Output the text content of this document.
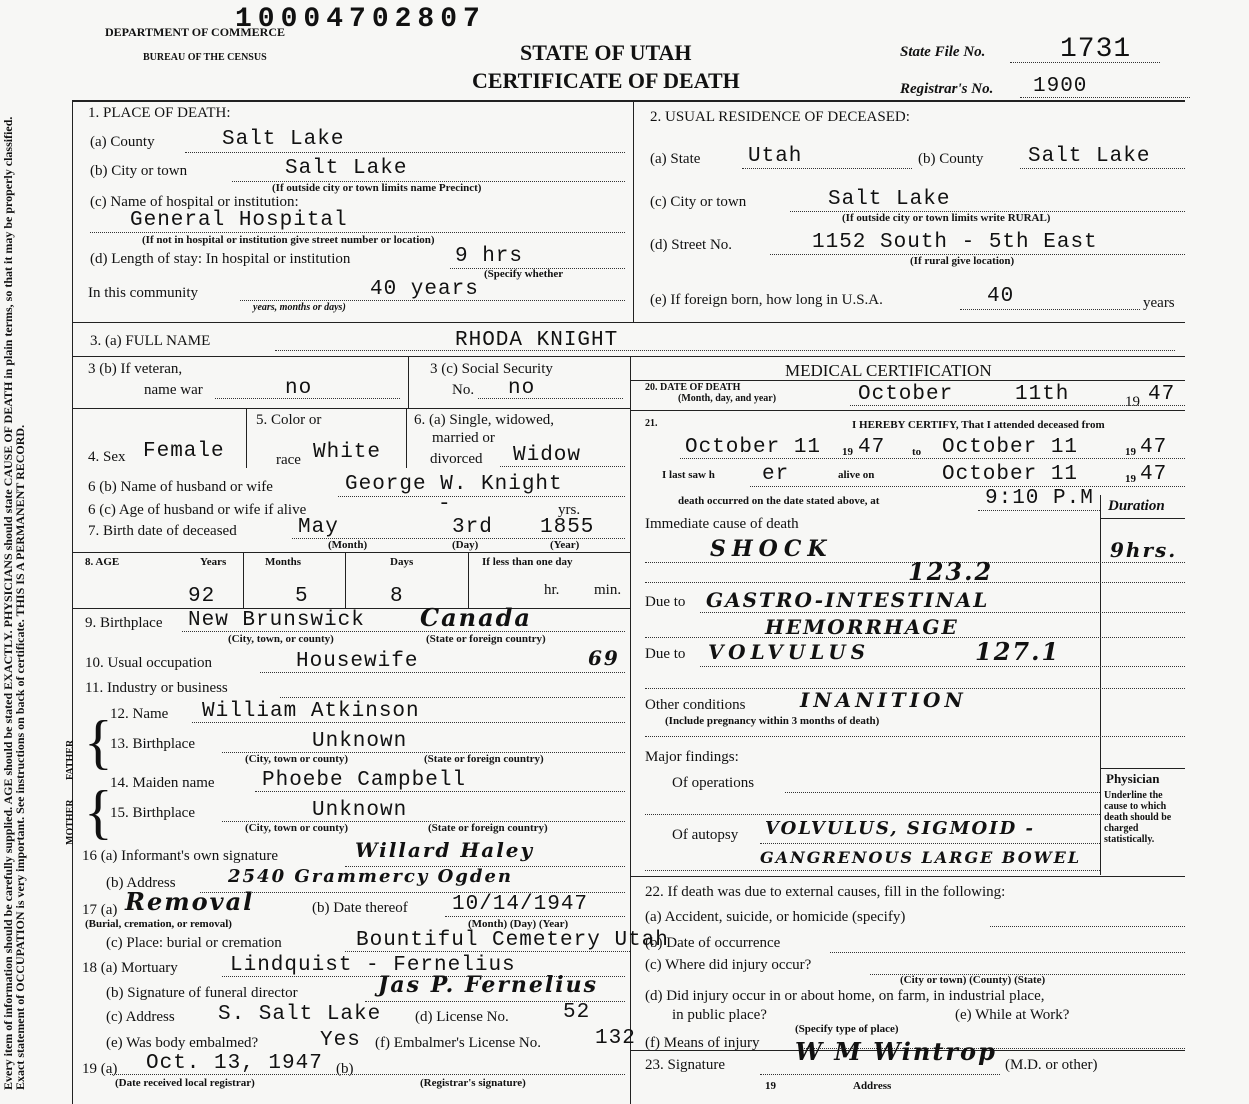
Every item of information should be carefully supplied. AGE should be stated EXACTLY. PHYSICIANS should state CAUSE OF DEATH in plain terms, so that it may be properly classified. Exact statement of OCCUPATION is very important. See instructions on back of certificate. THIS IS A PERMANENT RECORD.
10004702807
DEPARTMENT OF COMMERCE
BUREAU OF THE CENSUS	STATE OF UTAH
CERTIFICATE OF DEATH
State File No.	1731
Registrar's No. 1900
1. PLACE OF DEATH:
(a) County	Salt Lake
(b) City or town	Salt Lake
(If outside city or town limits name Precinct)
(c) Name of hospital or institution:
General Hospital
(If not in hospital or institution give street number or location)
(d) Length of stay: In hospital or institution	9 hrs
(Specify whether
In this community	40 years
years, months or days)
2. USUAL RESIDENCE OF DECEASED:
(a) State Utah	(b) County Salt Lake
(c) City or town	Salt Lake
(If outside city or town limits write RURAL)
(d) Street No.	1152 South - 5th East
(If rural give location)
(e) If foreign born, how long in U.S.A.	40	years
3. (a) FULL NAME	RHODA KNIGHT
3 (b) If veteran,
name war	no
3 (c) Social Security
No. no
5. Color or	6. (a) Single, widowed,
married or
4. Sex Female	race White	divorced Widow
6 (b) Name of husband or wife	George W. Knight
6 (c) Age of husband or wife if alive	-	yrs.
7. Birth date of deceased	May	3rd 1855
(Month)	(Day)	(Year)
8. AGE	Years	Months	Days	If less than one day
92	5	8	hr. min.
9. Birthplace New Brunswick Canada
(City, town, or county)	(State or foreign country)
10. Usual occupation	Housewife	69
11. Industry or business
MOTHER
FATHER {
{
12. Name William Atkinson
13. Birthplace	Unknown
(City, town or county)	(State or foreign country)
14. Maiden name Phoebe Campbell
15. Birthplace	Unknown
(City, town or county)	(State or foreign country)
16 (a) Informant's own signature	Willard Haley
(b) Address	2540 Grammercy Ogden
17 (a) Removal	(b) Date thereof 10/14/1947
(Burial, cremation, or removal)	(Month) (Day) (Year)
(c) Place: burial or cremation	Bountiful Cemetery Utah
18 (a) Mortuary Lindquist - Fernelius
(b) Signature of funeral director	Jas P. Fernelius
(c) Address S. Salt Lake (d) License No.	52
(e) Was body embalmed?	Yes (f) Embalmer's License No.	132
19 (a) Oct. 13, 1947 (b)
(Date received local registrar)	(Registrar's signature)
MEDICAL CERTIFICATION
20. DATE OF DEATH
(Month, day, and year)	October	11th	19 47
21.	I HEREBY CERTIFY, That I attended deceased from
October 11 19 47 to October 11	19 47
I last saw h er	alive on	October 11	19 47
death occurred on the date stated above, at	9:10 P.M Duration
Immediate cause of death
SHOCK	9hrs.
123.2
Due to GASTRO-INTESTINAL
HEMORRHAGE
Due to VOLVULUS	127.1
Other conditions	INANITION
(Include pregnancy within 3 months of death)
Major findings:
Of operations
Of autopsy VOLVULUS, SIGMOID -
GANGRENOUS LARGE BOWEL
Physician
Underline the cause to which death should be charged statistically.
22. If death was due to external causes, fill in the following:
(a) Accident, suicide, or homicide (specify)
(b) Date of occurrence
(c) Where did injury occur?
(City or town) (County) (State)
(d) Did injury occur in or about home, on farm, in industrial place,
in public place?	(e) While at Work?
(Specify type of place)
(f) Means of injury
23. Signature	W M Wintrop (M.D. or other)
19	Address
